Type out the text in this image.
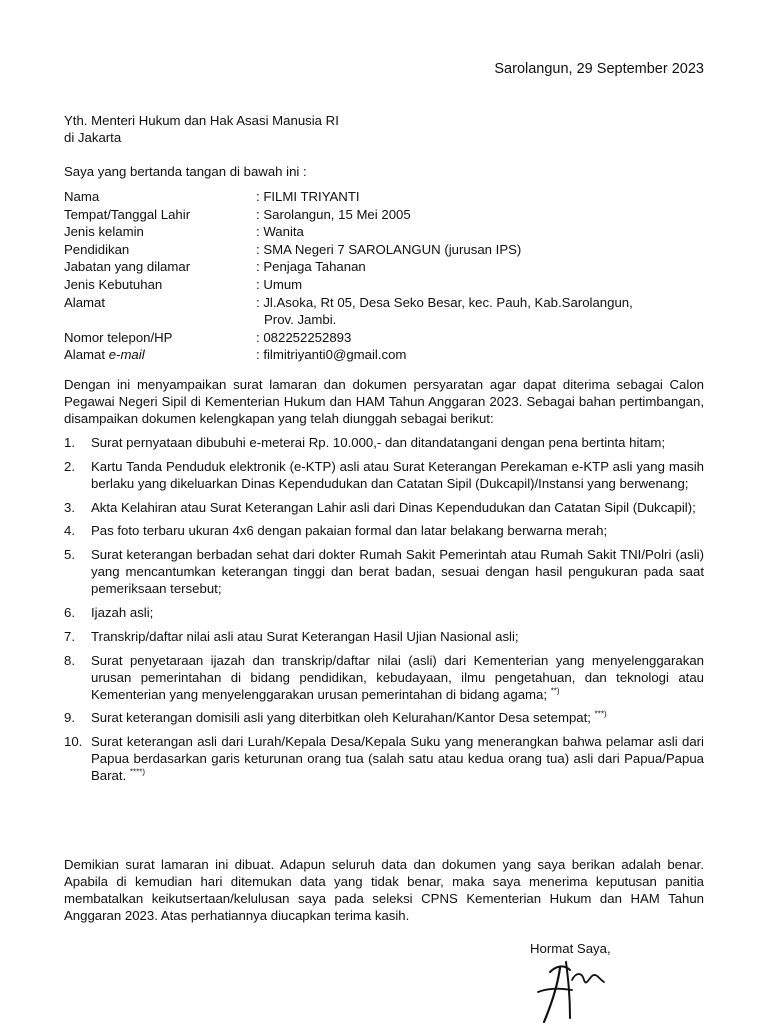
Sarolangun, 29 September 2023
Yth. Menteri Hukum dan Hak Asasi Manusia RI
di Jakarta
Saya yang bertanda tangan di bawah ini :
Nama	: FILMI TRIYANTI
Tempat/Tanggal Lahir	: Sarolangun, 15 Mei 2005
Jenis kelamin	: Wanita
Pendidikan	: SMA Negeri 7 SAROLANGUN (jurusan IPS)
Jabatan yang dilamar	: Penjaga Tahanan
Jenis Kebutuhan	: Umum
Alamat	: Jl.Asoka, Rt 05, Desa Seko Besar, kec. Pauh, Kab.Sarolangun,
Prov. Jambi.
Nomor telepon/HP	: 082252252893
Alamat e-mail	: filmitriyanti0@gmail.com
Dengan ini menyampaikan surat lamaran dan dokumen persyaratan agar dapat diterima sebagai Calon Pegawai Negeri Sipil di Kementerian Hukum dan HAM Tahun Anggaran 2023. Sebagai bahan pertimbangan, disampaikan dokumen kelengkapan yang telah diunggah sebagai berikut:
1.	Surat pernyataan dibubuhi e-meterai Rp. 10.000,- dan ditandatangani dengan pena bertinta hitam;
2.	Kartu Tanda Penduduk elektronik (e-KTP) asli atau Surat Keterangan Perekaman e-KTP asli yang masih berlaku yang dikeluarkan Dinas Kependudukan dan Catatan Sipil (Dukcapil)/Instansi yang berwenang;
3.	Akta Kelahiran atau Surat Keterangan Lahir asli dari Dinas Kependudukan dan Catatan Sipil (Dukcapil);
4.	Pas foto terbaru ukuran 4x6 dengan pakaian formal dan latar belakang berwarna merah;
5.	Surat keterangan berbadan sehat dari dokter Rumah Sakit Pemerintah atau Rumah Sakit TNI/Polri (asli) yang mencantumkan keterangan tinggi dan berat badan, sesuai dengan hasil pengukuran pada saat pemeriksaan tersebut;
6.	Ijazah asli;
7.	Transkrip/daftar nilai asli atau Surat Keterangan Hasil Ujian Nasional asli;
8.	Surat penyetaraan ijazah dan transkrip/daftar nilai (asli) dari Kementerian yang menyelenggarakan urusan pemerintahan di bidang pendidikan, kebudayaan, ilmu pengetahuan, dan teknologi atau Kementerian yang menyelenggarakan urusan pemerintahan di bidang agama; **)
9.	Surat keterangan domisili asli yang diterbitkan oleh Kelurahan/Kantor Desa setempat; ***)
10. Surat keterangan asli dari Lurah/Kepala Desa/Kepala Suku yang menerangkan bahwa pelamar asli dari Papua berdasarkan garis keturunan orang tua (salah satu atau kedua orang tua) asli dari Papua/Papua Barat. ****)
Demikian surat lamaran ini dibuat. Adapun seluruh data dan dokumen yang saya berikan adalah benar. Apabila di kemudian hari ditemukan data yang tidak benar, maka saya menerima keputusan panitia membatalkan keikutsertaan/kelulusan saya pada seleksi CPNS Kementerian Hukum dan HAM Tahun Anggaran 2023. Atas perhatiannya diucapkan terima kasih.
Hormat Saya,
